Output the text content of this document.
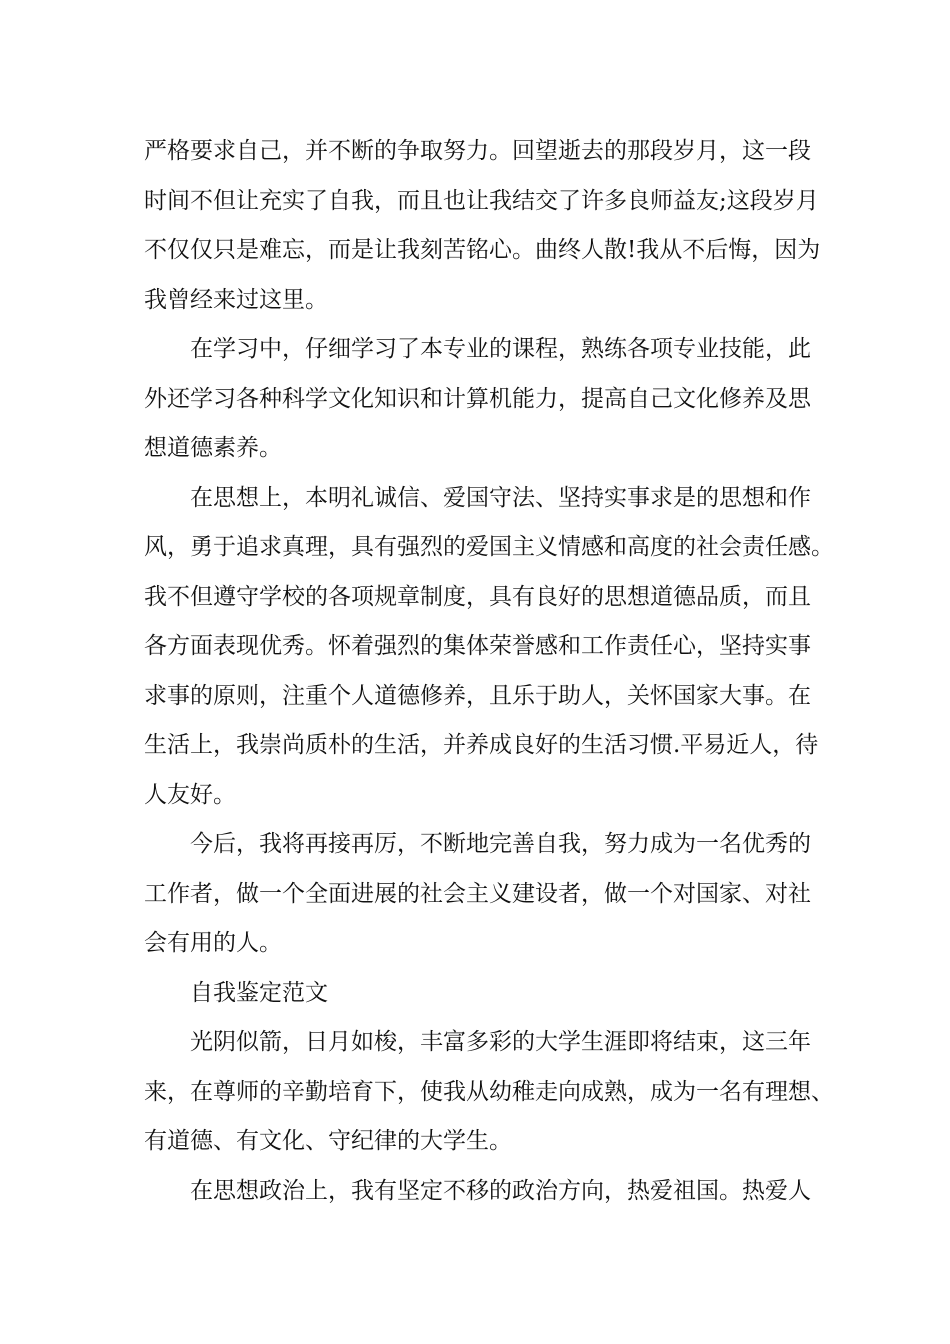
严格要求自己，并不断的争取努力。回望逝去的那段岁月，这一段
时间不但让充实了自我，而且也让我结交了许多良师益友;这段岁月
不仅仅只是难忘，而是让我刻苦铭心。曲终人散!我从不后悔，因为
我曾经来过这里。
在学习中，仔细学习了本专业的课程，熟练各项专业技能，此
外还学习各种科学文化知识和计算机能力，提高自己文化修养及思
想道德素养。
在思想上，本明礼诚信、爱国守法、坚持实事求是的思想和作
风，勇于追求真理，具有强烈的爱国主义情感和高度的社会责任感。
我不但遵守学校的各项规章制度，具有良好的思想道德品质，而且
各方面表现优秀。怀着强烈的集体荣誉感和工作责任心，坚持实事
求事的原则，注重个人道德修养，且乐于助人，关怀国家大事。在
生活上，我崇尚质朴的生活，并养成良好的生活习惯.平易近人，待
人友好。
今后，我将再接再厉，不断地完善自我，努力成为一名优秀的
工作者，做一个全面进展的社会主义建设者，做一个对国家、对社
会有用的人。
自我鉴定范文
光阴似箭，日月如梭，丰富多彩的大学生涯即将结束，这三年
来，在尊师的辛勤培育下，使我从幼稚走向成熟，成为一名有理想、
有道德、有文化、守纪律的大学生。
在思想政治上，我有坚定不移的政治方向，热爱祖国。热爱人
